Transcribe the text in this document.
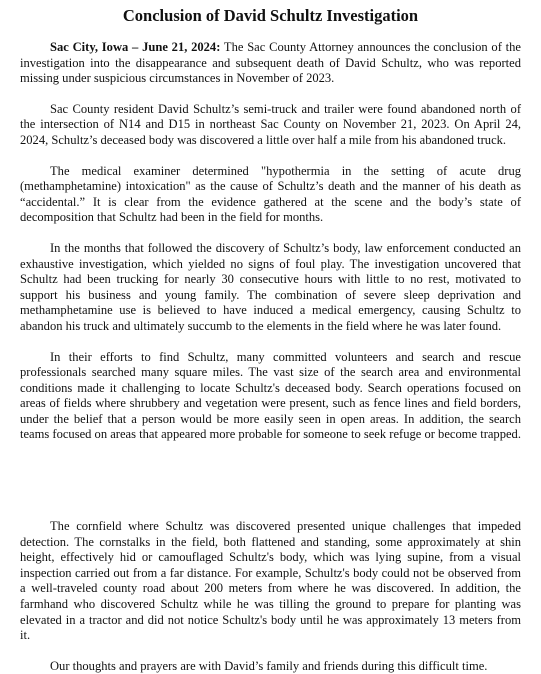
Conclusion of David Schultz Investigation

Sac City, Iowa – June 21, 2024: The Sac County Attorney announces the conclusion of the investigation into the disappearance and subsequent death of David Schultz, who was reported missing under suspicious circumstances in November of 2023.

Sac County resident David Schultz’s semi-truck and trailer were found abandoned north of the intersection of N14 and D15 in northeast Sac County on November 21, 2023. On April 24, 2024, Schultz’s deceased body was discovered a little over half a mile from his abandoned truck.

The medical examiner determined "hypothermia in the setting of acute drug (methamphetamine) intoxication" as the cause of Schultz’s death and the manner of his death as “accidental.” It is clear from the evidence gathered at the scene and the body’s state of decomposition that Schultz had been in the field for months.

In the months that followed the discovery of Schultz’s body, law enforcement conducted an exhaustive investigation, which yielded no signs of foul play. The investigation uncovered that Schultz had been trucking for nearly 30 consecutive hours with little to no rest, motivated to support his business and young family. The combination of severe sleep deprivation and methamphetamine use is believed to have induced a medical emergency, causing Schultz to abandon his truck and ultimately succumb to the elements in the field where he was later found.

In their efforts to find Schultz, many committed volunteers and search and rescue professionals searched many square miles. The vast size of the search area and environmental conditions made it challenging to locate Schultz's deceased body. Search operations focused on areas of fields where shrubbery and vegetation were present, such as fence lines and field borders, under the belief that a person would be more easily seen in open areas. In addition, the search teams focused on areas that appeared more probable for someone to seek refuge or become trapped.

The cornfield where Schultz was discovered presented unique challenges that impeded detection. The cornstalks in the field, both flattened and standing, some approximately at shin height, effectively hid or camouflaged Schultz's body, which was lying supine, from a visual inspection carried out from a far distance. For example, Schultz's body could not be observed from a well-traveled county road about 200 meters from where he was discovered. In addition, the farmhand who discovered Schultz while he was tilling the ground to prepare for planting was elevated in a tractor and did not notice Schultz's body until he was approximately 13 meters from it.

Our thoughts and prayers are with David’s family and friends during this difficult time.
